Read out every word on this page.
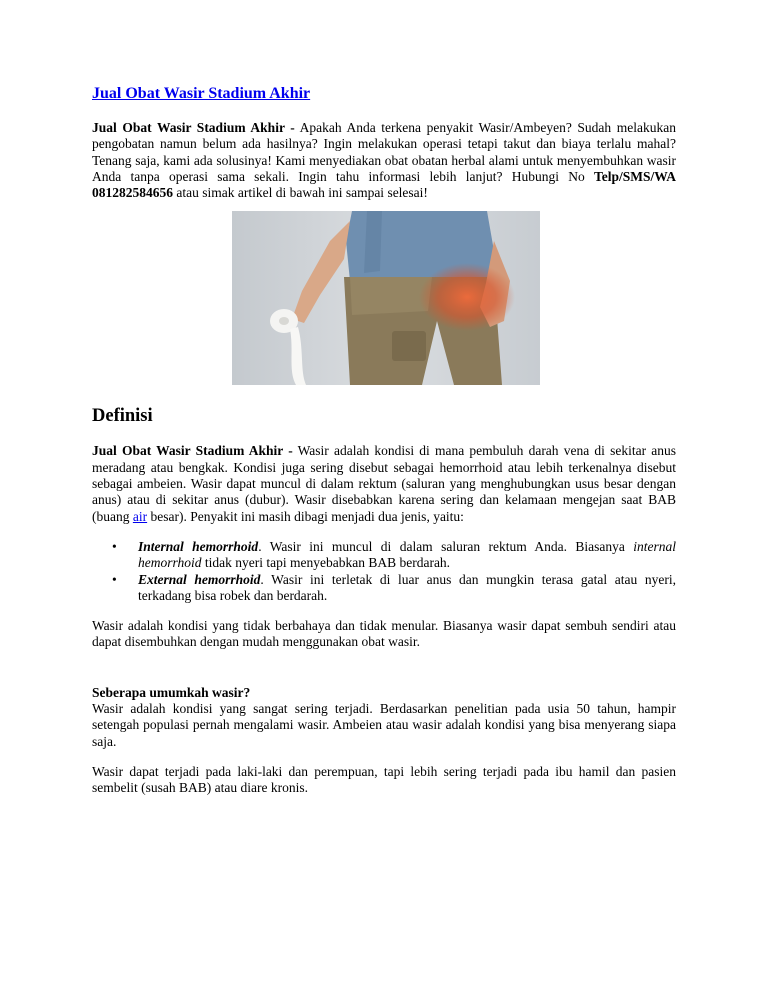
Jual Obat Wasir Stadium Akhir

Jual Obat Wasir Stadium Akhir - Apakah Anda terkena penyakit Wasir/Ambeyen? Sudah melakukan pengobatan namun belum ada hasilnya? Ingin melakukan operasi tetapi takut dan biaya terlalu mahal? Tenang saja, kami ada solusinya! Kami menyediakan obat obatan herbal alami untuk menyembuhkan wasir Anda tanpa operasi sama sekali. Ingin tahu informasi lebih lanjut? Hubungi No Telp/SMS/WA 081282584656 atau simak artikel di bawah ini sampai selesai!

Definisi

Jual Obat Wasir Stadium Akhir - Wasir adalah kondisi di mana pembuluh darah vena di sekitar anus meradang atau bengkak. Kondisi juga sering disebut sebagai hemorrhoid atau lebih terkenalnya disebut sebagai ambeien. Wasir dapat muncul di dalam rektum (saluran yang menghubungkan usus besar dengan anus) atau di sekitar anus (dubur). Wasir disebabkan karena sering dan kelamaan mengejan saat BAB (buang air besar). Penyakit ini masih dibagi menjadi dua jenis, yaitu:

• Internal hemorrhoid. Wasir ini muncul di dalam saluran rektum Anda. Biasanya internal hemorrhoid tidak nyeri tapi menyebabkan BAB berdarah.
• External hemorrhoid. Wasir ini terletak di luar anus dan mungkin terasa gatal atau nyeri, terkadang bisa robek dan berdarah.

Wasir adalah kondisi yang tidak berbahaya dan tidak menular. Biasanya wasir dapat sembuh sendiri atau dapat disembuhkan dengan mudah menggunakan obat wasir.

Seberapa umumkah wasir?

Wasir adalah kondisi yang sangat sering terjadi. Berdasarkan penelitian pada usia 50 tahun, hampir setengah populasi pernah mengalami wasir. Ambeien atau wasir adalah kondisi yang bisa menyerang siapa saja.

Wasir dapat terjadi pada laki-laki dan perempuan, tapi lebih sering terjadi pada ibu hamil dan pasien sembelit (susah BAB) atau diare kronis.
